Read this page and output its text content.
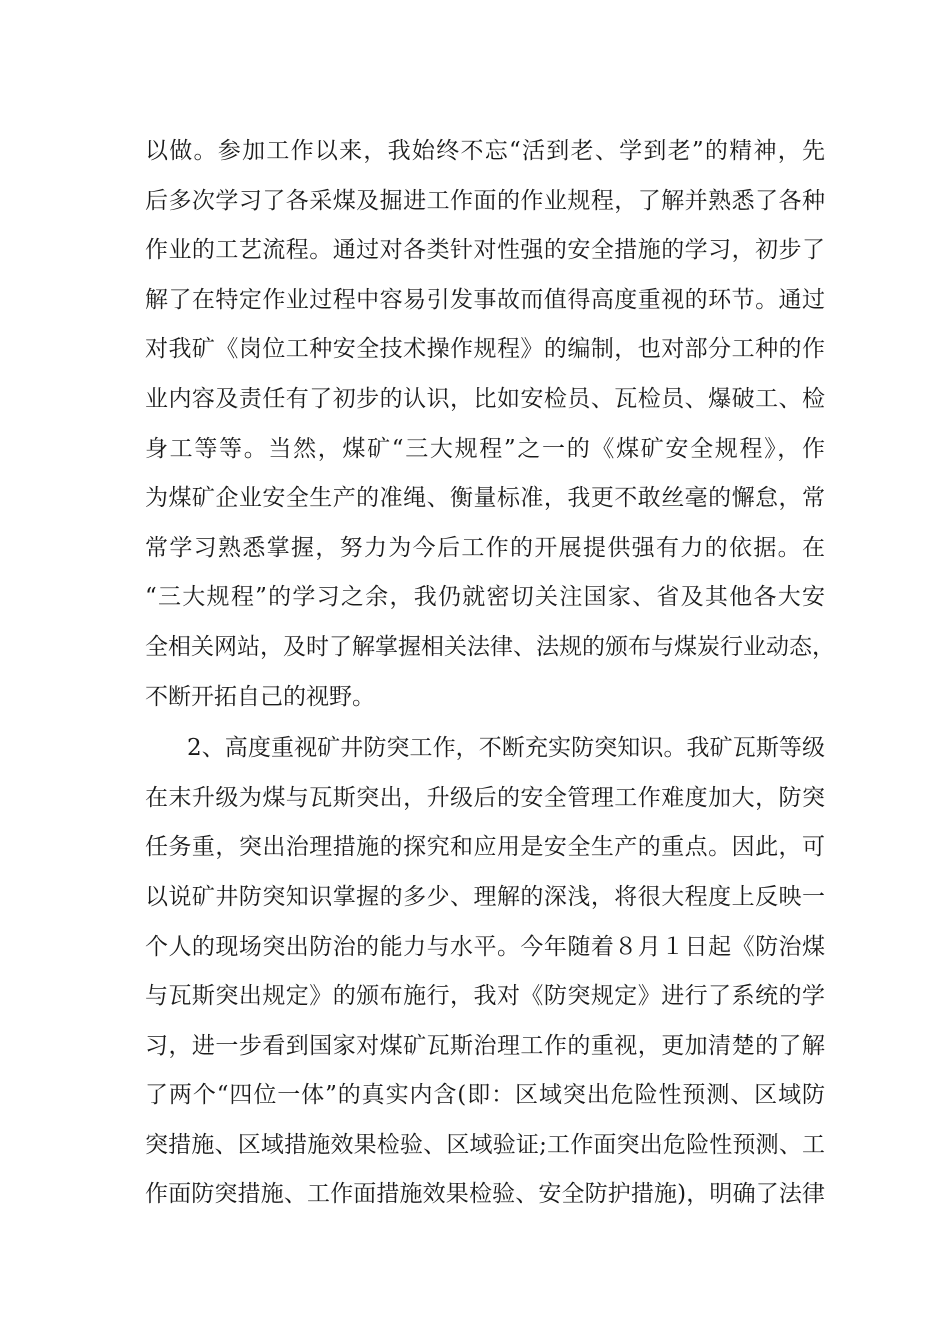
以做。参加工作以来，我始终不忘“活到老、学到老”的精神，先
后多次学习了各采煤及掘进工作面的作业规程，了解并熟悉了各种
作业的工艺流程。通过对各类针对性强的安全措施的学习，初步了
解了在特定作业过程中容易引发事故而值得高度重视的环节。通过
对我矿《岗位工种安全技术操作规程》的编制，也对部分工种的作
业内容及责任有了初步的认识，比如安检员、瓦检员、爆破工、检
身工等等。当然，煤矿“三大规程”之一的《煤矿安全规程》，作
为煤矿企业安全生产的准绳、衡量标准，我更不敢丝毫的懈怠，常
常学习熟悉掌握，努力为今后工作的开展提供强有力的依据。在
“三大规程”的学习之余，我仍就密切关注国家、省及其他各大安
全相关网站，及时了解掌握相关法律、法规的颁布与煤炭行业动态，
不断开拓自己的视野。
2、高度重视矿井防突工作，不断充实防突知识。我矿瓦斯等级
在末升级为煤与瓦斯突出，升级后的安全管理工作难度加大，防突
任务重，突出治理措施的探究和应用是安全生产的重点。因此，可
以说矿井防突知识掌握的多少、理解的深浅，将很大程度上反映一
个人的现场突出防治的能力与水平。今年随着８月１日起《防治煤
与瓦斯突出规定》的颁布施行，我对《防突规定》进行了系统的学
习，进一步看到国家对煤矿瓦斯治理工作的重视，更加清楚的了解
了两个“四位一体”的真实内含(即：区域突出危险性预测、区域防
突措施、区域措施效果检验、区域验证;工作面突出危险性预测、工
作面防突措施、工作面措施效果检验、安全防护措施)，明确了法律
